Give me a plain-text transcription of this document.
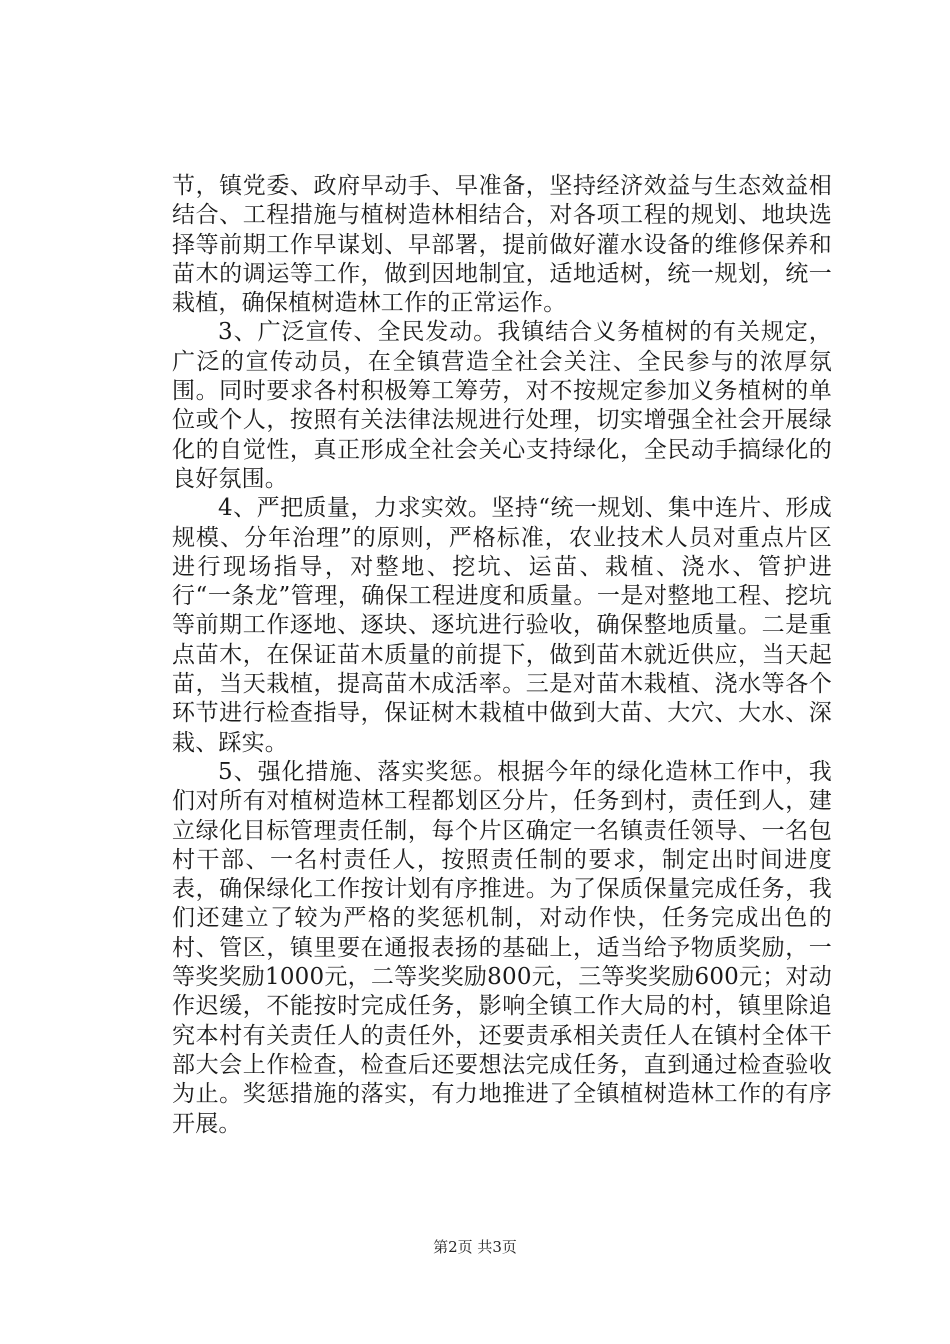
节，镇党委、政府早动手、早准备，坚持经济效益与生态效益相结合、工程措施与植树造林相结合，对各项工程的规划、地块选择等前期工作早谋划、早部署，提前做好灌水设备的维修保养和苗木的调运等工作，做到因地制宜，适地适树，统一规划，统一栽植，确保植树造林工作的正常运作。

3、广泛宣传、全民发动。我镇结合义务植树的有关规定，广泛的宣传动员，在全镇营造全社会关注、全民参与的浓厚氛围。同时要求各村积极筹工筹劳，对不按规定参加义务植树的单位或个人，按照有关法律法规进行处理，切实增强全社会开展绿化的自觉性，真正形成全社会关心支持绿化，全民动手搞绿化的良好氛围。

4、严把质量，力求实效。坚持“统一规划、集中连片、形成规模、分年治理”的原则，严格标准，农业技术人员对重点片区进行现场指导，对整地、挖坑、运苗、栽植、浇水、管护进行“一条龙”管理，确保工程进度和质量。一是对整地工程、挖坑等前期工作逐地、逐块、逐坑进行验收，确保整地质量。二是重点苗木，在保证苗木质量的前提下，做到苗木就近供应，当天起苗，当天栽植，提高苗木成活率。三是对苗木栽植、浇水等各个环节进行检查指导，保证树木栽植中做到大苗、大穴、大水、深栽、踩实。

5、强化措施、落实奖惩。根据今年的绿化造林工作中，我们对所有对植树造林工程都划区分片，任务到村，责任到人，建立绿化目标管理责任制，每个片区确定一名镇责任领导、一名包村干部、一名村责任人，按照责任制的要求，制定出时间进度表，确保绿化工作按计划有序推进。为了保质保量完成任务，我们还建立了较为严格的奖惩机制，对动作快，任务完成出色的村、管区，镇里要在通报表扬的基础上，适当给予物质奖励，一等奖奖励1000元，二等奖奖励800元，三等奖奖励600元；对动作迟缓，不能按时完成任务，影响全镇工作大局的村，镇里除追究本村有关责任人的责任外，还要责承相关责任人在镇村全体干部大会上作检查，检查后还要想法完成任务，直到通过检查验收为止。奖惩措施的落实，有力地推进了全镇植树造林工作的有序开展。

第2页 共3页
